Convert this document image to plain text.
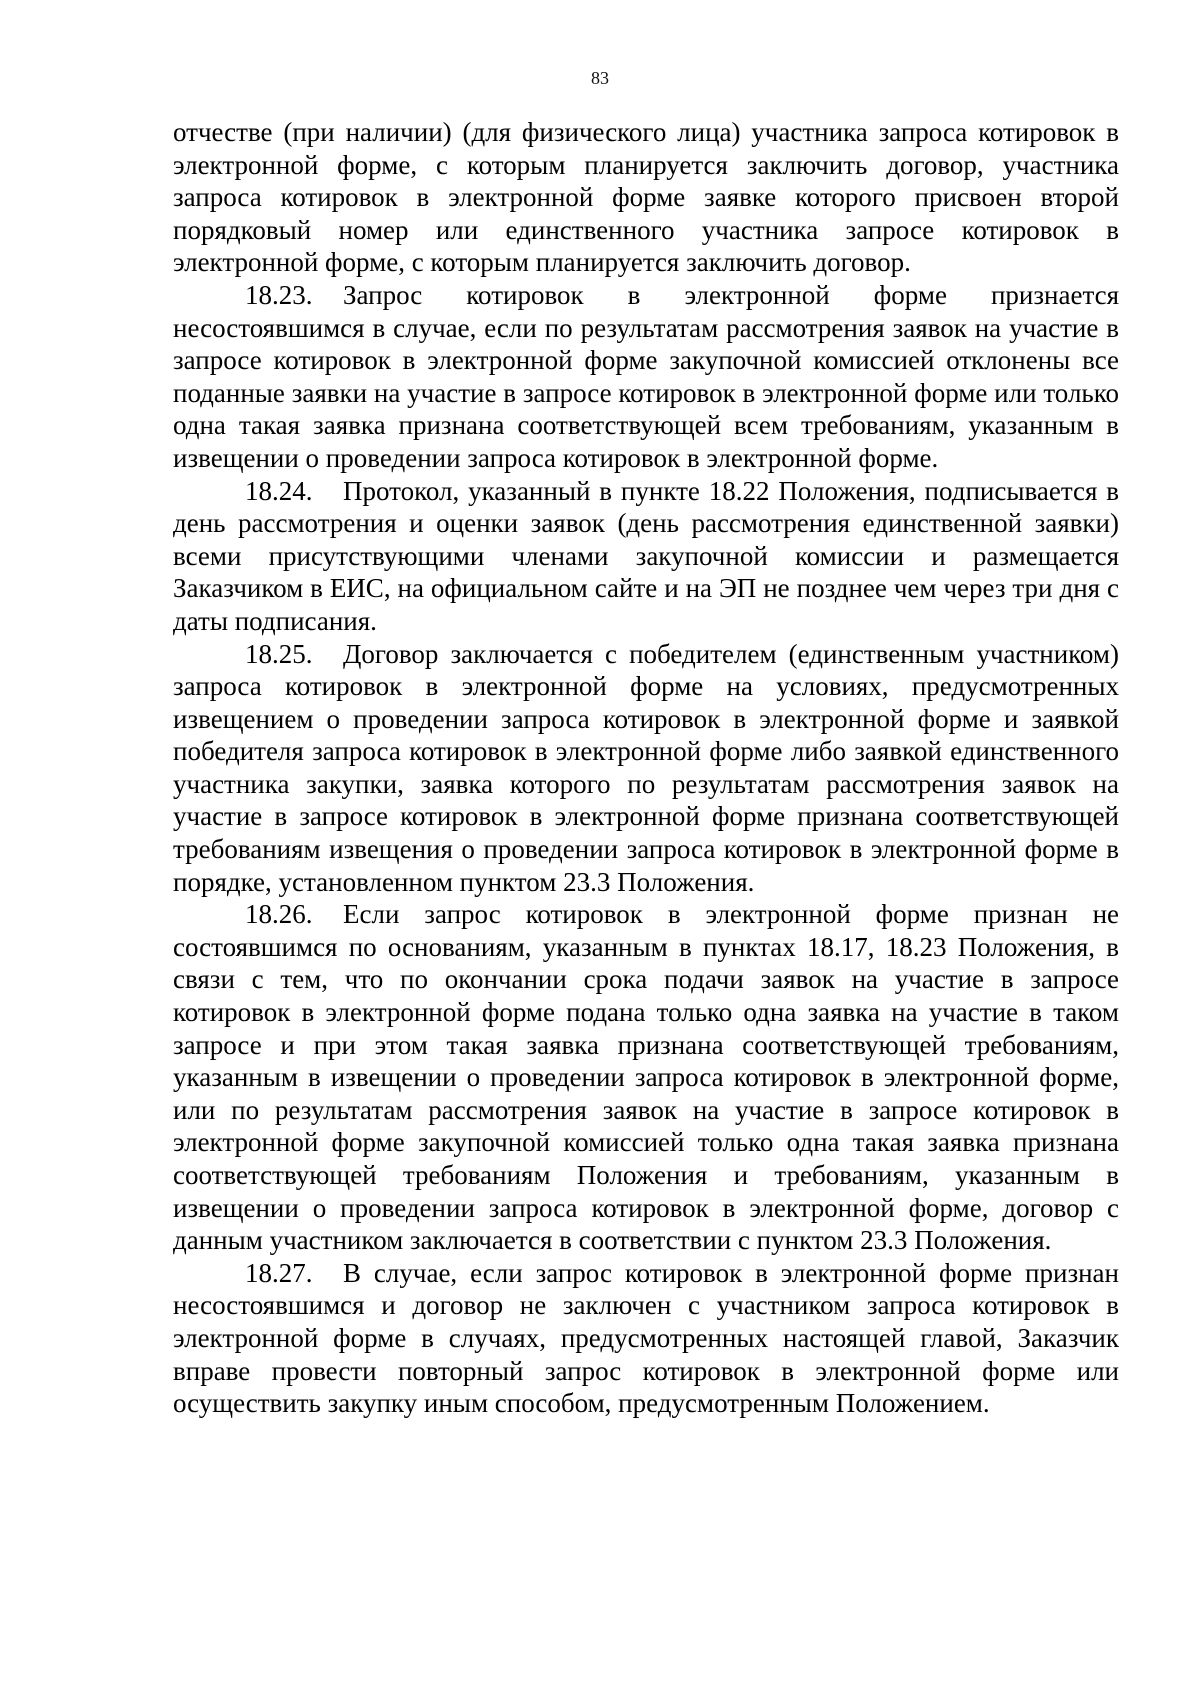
83

отчестве (при наличии) (для физического лица) участника запроса котировок в электронной форме, с которым планируется заключить договор, участника запроса котировок в электронной форме заявке которого присвоен второй порядковый номер или единственного участника запросе котировок в электронной форме, с которым планируется заключить договор.

18.23. Запрос котировок в электронной форме признается несостоявшимся в случае, если по результатам рассмотрения заявок на участие в запросе котировок в электронной форме закупочной комиссией отклонены все поданные заявки на участие в запросе котировок в электронной форме или только одна такая заявка признана соответствующей всем требованиям, указанным в извещении о проведении запроса котировок в электронной форме.

18.24. Протокол, указанный в пункте 18.22 Положения, подписывается в день рассмотрения и оценки заявок (день рассмотрения единственной заявки) всеми присутствующими членами закупочной комиссии и размещается Заказчиком в ЕИС, на официальном сайте и на ЭП не позднее чем через три дня с даты подписания.

18.25. Договор заключается с победителем (единственным участником) запроса котировок в электронной форме на условиях, предусмотренных извещением о проведении запроса котировок в электронной форме и заявкой победителя запроса котировок в электронной форме либо заявкой единственного участника закупки, заявка которого по результатам рассмотрения заявок на участие в запросе котировок в электронной форме признана соответствующей требованиям извещения о проведении запроса котировок в электронной форме в порядке, установленном пунктом 23.3 Положения.

18.26. Если запрос котировок в электронной форме признан не состоявшимся по основаниям, указанным в пунктах 18.17, 18.23 Положения, в связи с тем, что по окончании срока подачи заявок на участие в запросе котировок в электронной форме подана только одна заявка на участие в таком запросе и при этом такая заявка признана соответствующей требованиям, указанным в извещении о проведении запроса котировок в электронной форме, или по результатам рассмотрения заявок на участие в запросе котировок в электронной форме закупочной комиссией только одна такая заявка признана соответствующей требованиям Положения и требованиям, указанным в извещении о проведении запроса котировок в электронной форме, договор с данным участником заключается в соответствии с пунктом 23.3 Положения.

18.27. В случае, если запрос котировок в электронной форме признан несостоявшимся и договор не заключен с участником запроса котировок в электронной форме в случаях, предусмотренных настоящей главой, Заказчик вправе провести повторный запрос котировок в электронной форме или осуществить закупку иным способом, предусмотренным Положением.
